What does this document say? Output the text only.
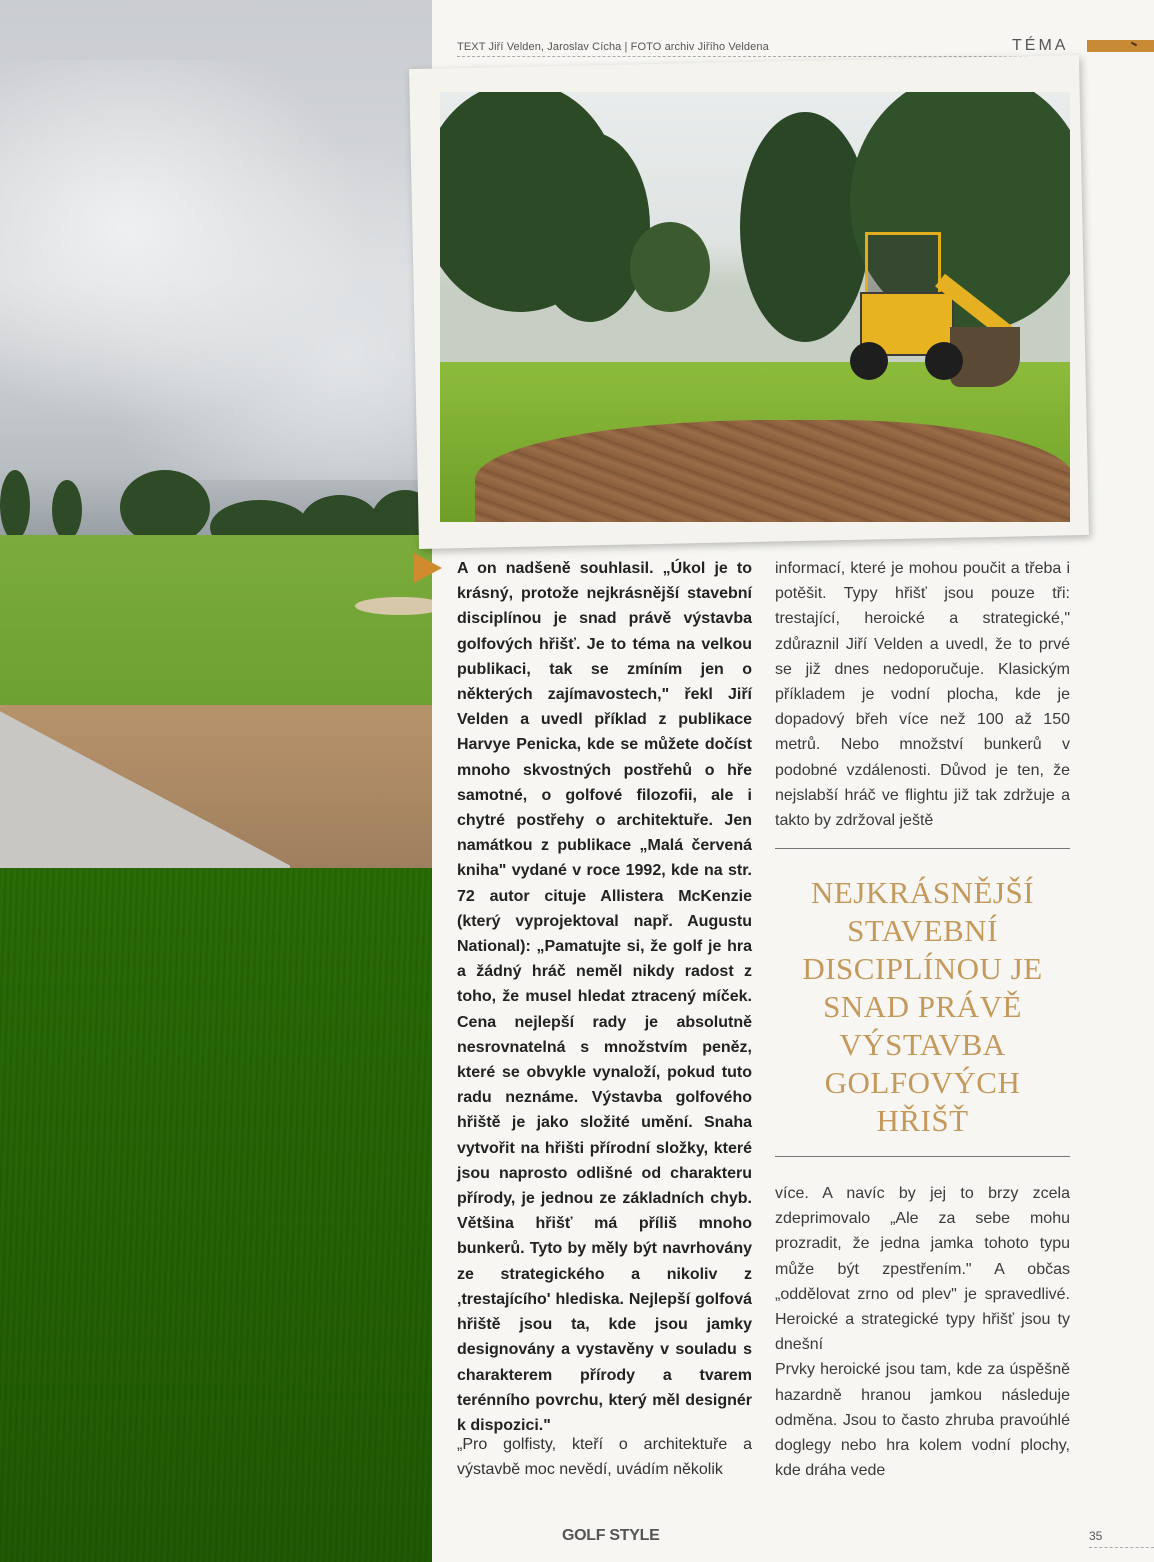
TEXT Jiří Velden, Jaroslav Cícha | FOTO archiv Jiřího Veldena	TÉMA

A on nadšeně souhlasil. „Úkol je to krásný, protože nejkrásnější stavební disciplínou je snad právě výstavba golfových hřišť. Je to téma na velkou publikaci, tak se zmíním jen o některých zajímavostech," řekl Jiří Velden a uvedl příklad z publikace Harvye Penicka, kde se můžete dočíst mnoho skvostných postřehů o hře samotné, o golfové filozofii, ale i chytré postřehy o architektuře. Jen namátkou z publikace „Malá červená kniha" vydané v roce 1992, kde na str. 72 autor cituje Allistera McKenzie (který vyprojektoval např. Augustu National): „Pamatujte si, že golf je hra a žádný hráč neměl nikdy radost z toho, že musel hledat ztracený míček. Cena nejlepší rady je absolutně nesrovnatelná s množstvím peněz, které se obvykle vynaloží, pokud tuto radu neznáme. Výstavba golfového hřiště je jako složité umění. Snaha vytvořit na hřišti přírodní složky, které jsou naprosto odlišné od charakteru přírody, je jednou ze základních chyb. Většina hřišť má příliš mnoho bunkerů. Tyto by měly být navrhovány ze strategického a nikoliv z ‚trestajícího' hlediska. Nejlepší golfová hřiště jsou ta, kde jsou jamky designovány a vystavěny v souladu s charakterem přírody a tvarem terénního povrchu, který měl designér k dispozici."

„Pro golfisty, kteří o architektuře a výstavbě moc nevědí, uvádím několik

informací, které je mohou poučit a třeba i potěšit. Typy hřišť jsou pouze tři: trestající, heroické a strategické," zdůraznil Jiří Velden a uvedl, že to prvé se již dnes nedoporučuje. Klasickým příkladem je vodní plocha, kde je dopadový břeh více než 100 až 150 metrů. Nebo množství bunkerů v podobné vzdálenosti. Důvod je ten, že nejslabší hráč ve flightu již tak zdržuje a takto by zdržoval ještě

NEJKRÁSNĚJŠÍ STAVEBNÍ DISCIPLÍNOU JE SNAD PRÁVĚ VÝSTAVBA GOLFOVÝCH HŘIŠŤ

více. A navíc by jej to brzy zcela zdeprimovalo „Ale za sebe mohu prozradit, že jedna jamka tohoto typu může být zpestřením." A občas „oddělovat zrno od plev" je spravedlivé. Heroické a strategické typy hřišť jsou ty dnešní

Prvky heroické jsou tam, kde za úspěšně hazardně hranou jamkou následuje odměna. Jsou to často zhruba pravoúhlé doglegy nebo hra kolem vodní plochy, kde dráha vede

GOLF STYLE	35
